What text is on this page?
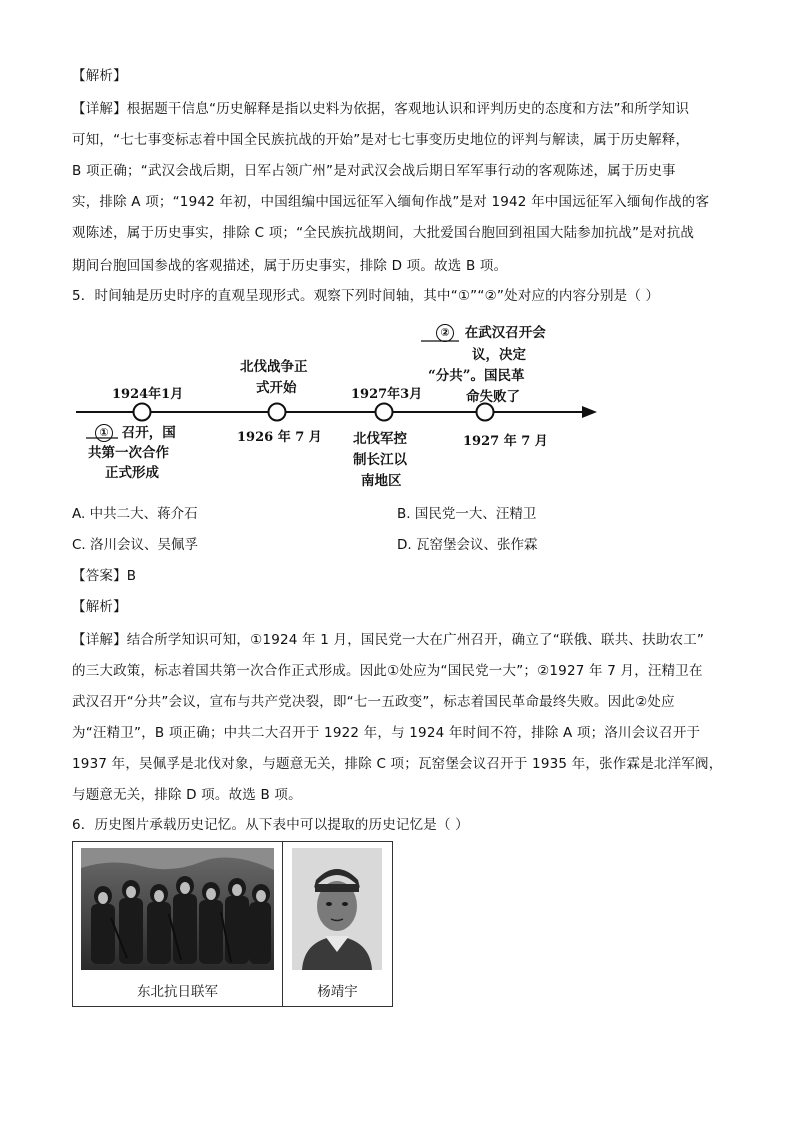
【解析】
【详解】根据题干信息“历史解释是指以史料为依据，客观地认识和评判历史的态度和方法”和所学知识
可知，“七七事变标志着中国全民族抗战的开始”是对七七事变历史地位的评判与解读，属于历史解释，
B 项正确；“武汉会战后期，日军占领广州”是对武汉会战后期日军军事行动的客观陈述，属于历史事
实，排除 A 项；“1942 年初，中国组编中国远征军入缅甸作战”是对 1942 年中国远征军入缅甸作战的客
观陈述，属于历史事实，排除 C 项；“全民族抗战期间，大批爱国台胞回到祖国大陆参加抗战”是对抗战
期间台胞回国参战的客观描述，属于历史事实，排除 D 项。故选 B 项。
5．时间轴是历史时序的直观呈现形式。观察下列时间轴，其中“①”“②”处对应的内容分别是（ ）
1924年1月
① 召开，国
共第一次合作
正式形成
北伐战争正
式开始
1926 年 7 月
1927年3月
北伐军控
制长江以
南地区
② 在武汉召开会
议，决定
“分共”。国民革
命失败了
1927 年 7 月
A. 中共二大、蒋介石	B. 国民党一大、汪精卫
C. 洛川会议、吴佩孚	D. 瓦窑堡会议、张作霖
【答案】B
【解析】
【详解】结合所学知识可知，①1924 年 1 月，国民党一大在广州召开，确立了“联俄、联共、扶助农工”
的三大政策，标志着国共第一次合作正式形成。因此①处应为“国民党一大”；②1927 年 7 月，汪精卫在
武汉召开“分共”会议，宣布与共产党决裂，即“七一五政变”，标志着国民革命最终失败。因此②处应
为“汪精卫”，B 项正确；中共二大召开于 1922 年，与 1924 年时间不符，排除 A 项；洛川会议召开于
1937 年，吴佩孚是北伐对象，与题意无关，排除 C 项；瓦窑堡会议召开于 1935 年，张作霖是北洋军阀，
与题意无关，排除 D 项。故选 B 项。
6．历史图片承载历史记忆。从下表中可以提取的历史记忆是（ ）
东北抗日联军	杨靖宇
